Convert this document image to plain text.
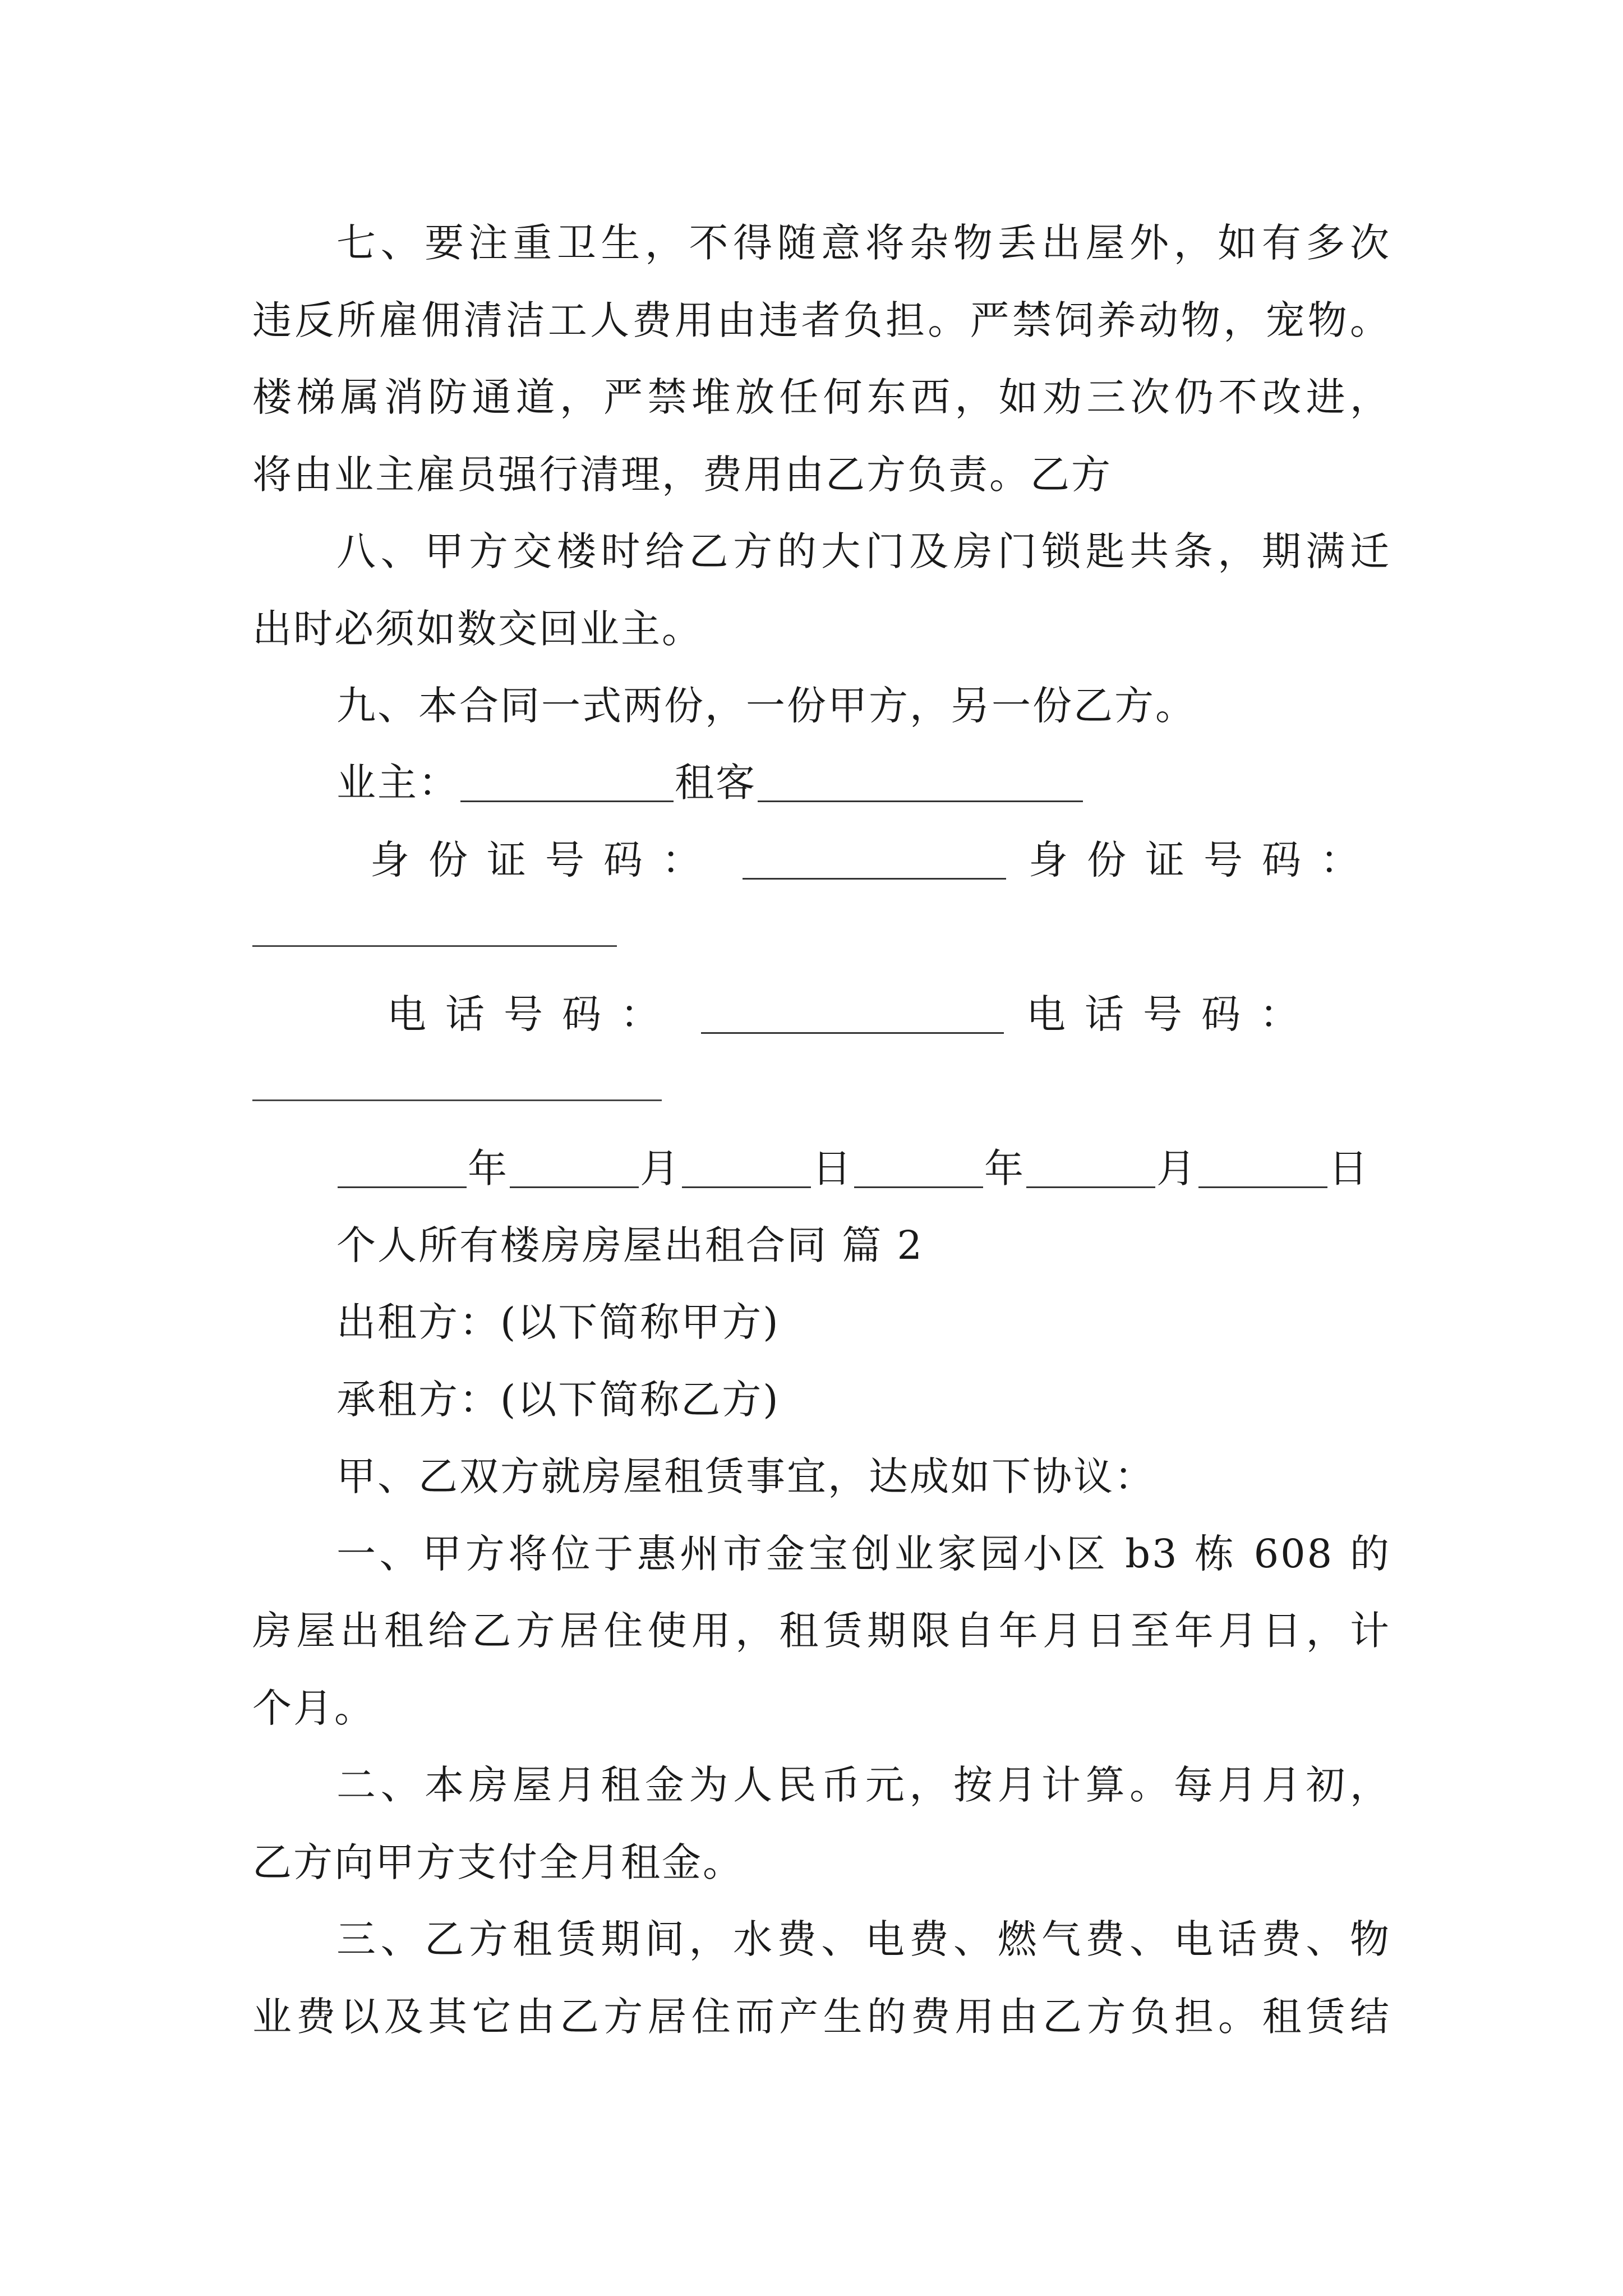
七、要注重卫生，不得随意将杂物丢出屋外，如有多次
违反所雇佣清洁工人费用由违者负担。严禁饲养动物，宠物。
楼梯属消防通道，严禁堆放任何东西，如劝三次仍不改进，
将由业主雇员强行清理，费用由乙方负责。乙方
八、甲方交楼时给乙方的大门及房门锁匙共条，期满迁
出时必须如数交回业主。
九、本合同一式两份，一份甲方，另一份乙方。
业主：	租客
身份证号码：	身份证号码：
电话号码：	电话号码：
年	月	日	年	月	日
个人所有楼房房屋出租合同 篇 2
出租方：(以下简称甲方)
承租方：(以下简称乙方)
甲、乙双方就房屋租赁事宜，达成如下协议：
一、甲方将位于惠州市金宝创业家园小区 b3 栋 608 的
房屋出租给乙方居住使用，租赁期限自年月日至年月日，计
个月。
二、本房屋月租金为人民币元，按月计算。每月月初，
乙方向甲方支付全月租金。
三、乙方租赁期间，水费、电费、燃气费、电话费、物
业费以及其它由乙方居住而产生的费用由乙方负担。租赁结
